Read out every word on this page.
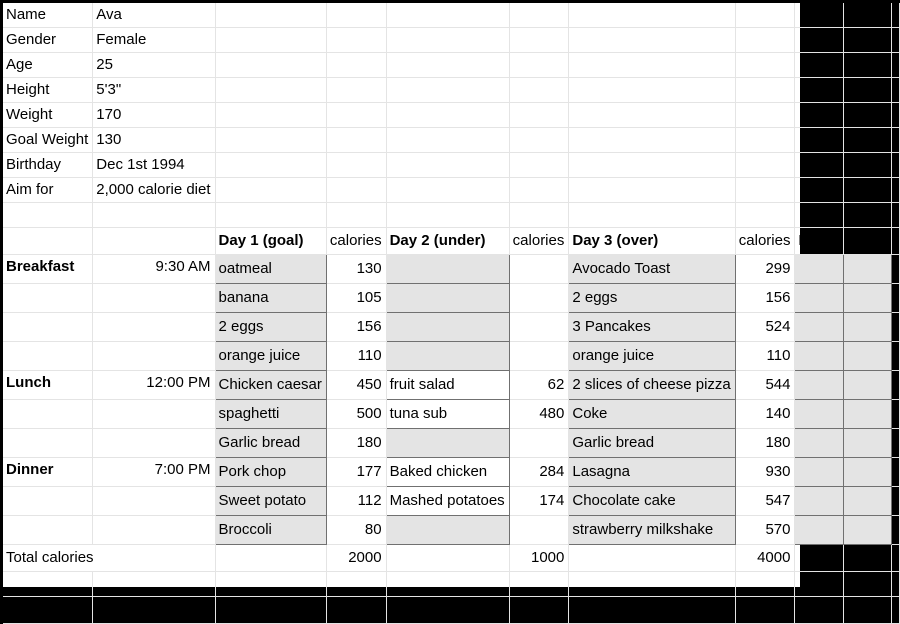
Name	Ava									
Gender	Female									
Age	25									
Height	5'3"									
Weight	170									
Goal Weight	130									
Birthday	Dec 1st 1994									
Aim for	2,000 calorie diet									

		Day 1 (goal)	calories	Day 2 (under)	calories	Day 3 (over)	calories	Day 4	Day 5	
Breakfast	9:30 AM	oatmeal	130			Avocado Toast	299			
		banana	105			2 eggs	156			
		2 eggs	156			3 Pancakes	524			
		orange juice	110			orange juice	110			
Lunch	12:00 PM	Chicken caesar	450	fruit salad	62	2 slices of cheese pizza	544			
		spaghetti	500	tuna sub	480	Coke	140			
		Garlic bread	180			Garlic bread	180			
Dinner	7:00 PM	Pork chop	177	Baked chicken	284	Lasagna	930			
		Sweet potato	112	Mashed potatoes	174	Chocolate cake	547			
		Broccoli	80			strawberry milkshake	570			
Total calories			2000		1000		4000	0	0	

Weight		170		166		175				
